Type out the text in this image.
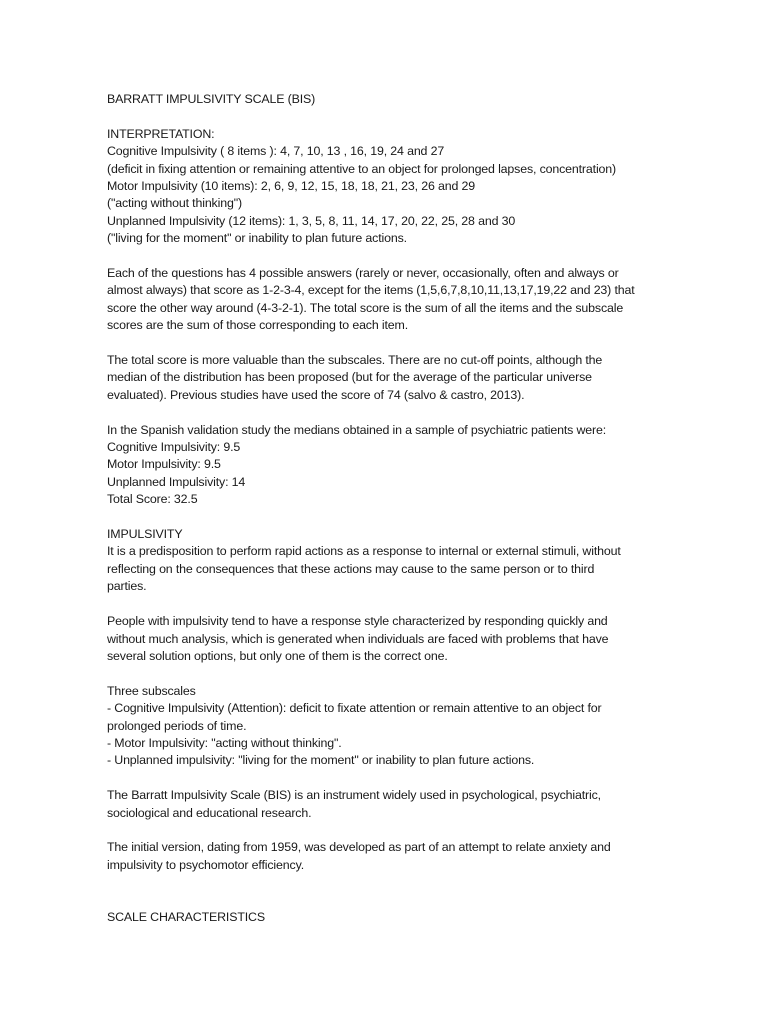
BARRATT IMPULSIVITY SCALE (BIS)
INTERPRETATION:
Cognitive Impulsivity ( 8 items ): 4, 7, 10, 13 , 16, 19, 24 and 27
(deficit in fixing attention or remaining attentive to an object for prolonged lapses, concentration)
Motor Impulsivity (10 items): 2, 6, 9, 12, 15, 18, 18, 21, 23, 26 and 29
("acting without thinking")
Unplanned Impulsivity (12 items): 1, 3, 5, 8, 11, 14, 17, 20, 22, 25, 28 and 30
("living for the moment" or inability to plan future actions.
Each of the questions has 4 possible answers (rarely or never, occasionally, often and always or
almost always) that score as 1-2-3-4, except for the items (1,5,6,7,8,10,11,13,17,19,22 and 23) that
score the other way around (4-3-2-1). The total score is the sum of all the items and the subscale
scores are the sum of those corresponding to each item.
The total score is more valuable than the subscales. There are no cut-off points, although the
median of the distribution has been proposed (but for the average of the particular universe
evaluated). Previous studies have used the score of 74 (salvo & castro, 2013).
In the Spanish validation study the medians obtained in a sample of psychiatric patients were:
Cognitive Impulsivity: 9.5
Motor Impulsivity: 9.5
Unplanned Impulsivity: 14
Total Score: 32.5
IMPULSIVITY
It is a predisposition to perform rapid actions as a response to internal or external stimuli, without
reflecting on the consequences that these actions may cause to the same person or to third
parties.
People with impulsivity tend to have a response style characterized by responding quickly and
without much analysis, which is generated when individuals are faced with problems that have
several solution options, but only one of them is the correct one.
Three subscales
- Cognitive Impulsivity (Attention): deficit to fixate attention or remain attentive to an object for
prolonged periods of time.
- Motor Impulsivity: "acting without thinking".
- Unplanned impulsivity: "living for the moment" or inability to plan future actions.
The Barratt Impulsivity Scale (BIS) is an instrument widely used in psychological, psychiatric,
sociological and educational research.
The initial version, dating from 1959, was developed as part of an attempt to relate anxiety and
impulsivity to psychomotor efficiency.
SCALE CHARACTERISTICS
